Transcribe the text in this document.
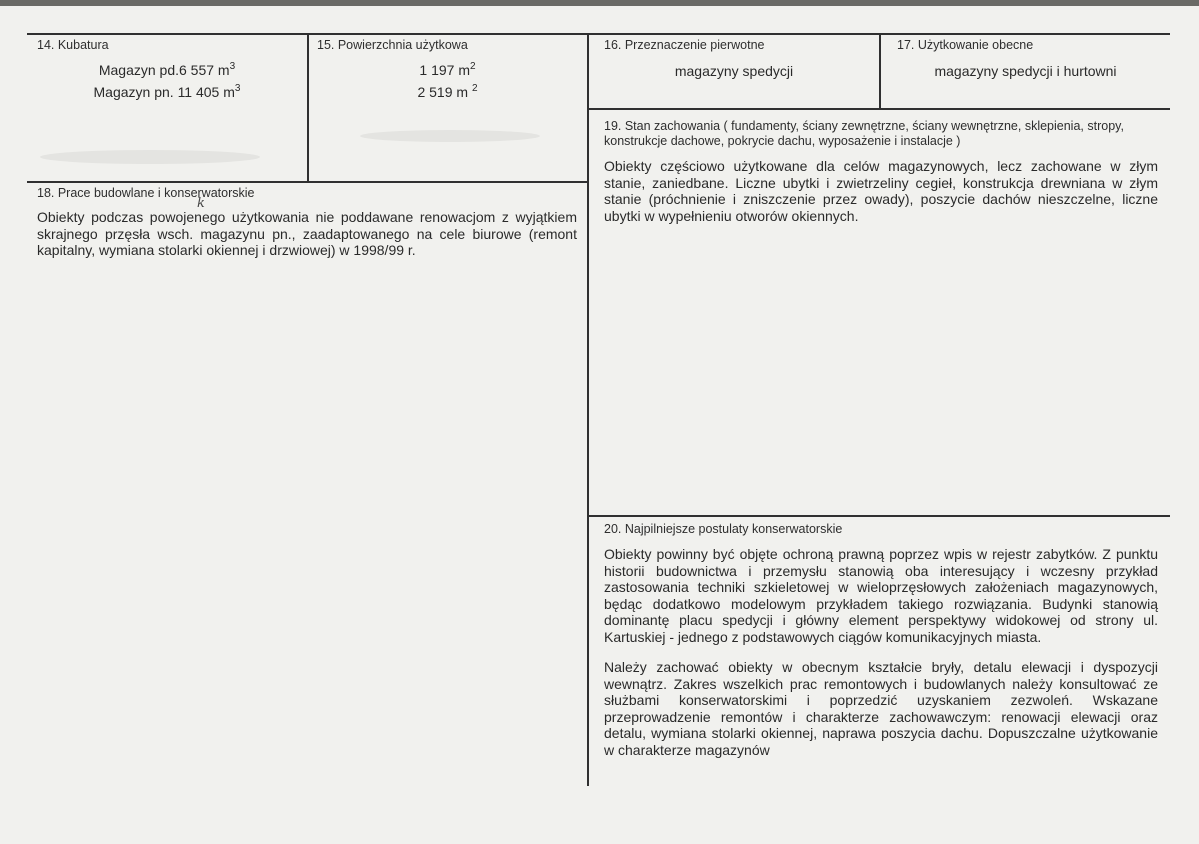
14. Kubatura
Magazyn pd.6 557 $m^3$
Magazyn pn. 11 405 $m^3$
15. Powierzchnia użytkowa
1 197 $m^2$
2 519 m $^2$
16. Przeznaczenie pierwotne
magazyny spedycji
17. Użytkowanie obecne
magazyny spedycji i hurtowni
18. Prace budowlane i konserwatorskie
k

Obiekty podczas powojenego użytkowania nie poddawane renowacjom z wyjątkiem skrajnego przęsła wsch. magazynu pn., zaadaptowanego na cele biurowe (remont kapitalny, wymiana stolarki okiennej i drzwiowej) w 1998/99 r.

19. Stan zachowania ( fundamenty, ściany zewnętrzne, ściany wewnętrzne, sklepienia, stropy, konstrukcje dachowe, pokrycie dachu, wyposażenie i instalacje )

Obiekty częściowo użytkowane dla celów magazynowych, lecz zachowane w złym stanie, zaniedbane. Liczne ubytki i zwietrzeliny cegieł, konstrukcja drewniana w złym stanie (próchnienie i zniszczenie przez owady), poszycie dachów nieszczelne, liczne ubytki w wypełnieniu otworów okiennych.

20. Najpilniejsze postulaty konserwatorskie

Obiekty powinny być objęte ochroną prawną poprzez wpis w rejestr zabytków. Z punktu historii budownictwa i przemysłu stanowią oba interesujący i wczesny przykład zastosowania techniki szkieletowej w wieloprzęsłowych założeniach magazynowych, będąc dodatkowo modelowym przykładem takiego rozwiązania. Budynki stanowią dominantę placu spedycji i główny element perspektywy widokowej od strony ul. Kartuskiej - jednego z podstawowych ciągów komunikacyjnych miasta.

Należy zachować obiekty w obecnym kształcie bryły, detalu elewacji i dyspozycji wewnątrz. Zakres wszelkich prac remontowych i budowlanych należy konsultować ze służbami konserwatorskimi i poprzedzić uzyskaniem zezwoleń. Wskazane przeprowadzenie remontów i charakterze zachowawczym: renowacji elewacji oraz detalu, wymiana stolarki okiennej, naprawa poszycia dachu. Dopuszczalne użytkowanie w charakterze magazynów
